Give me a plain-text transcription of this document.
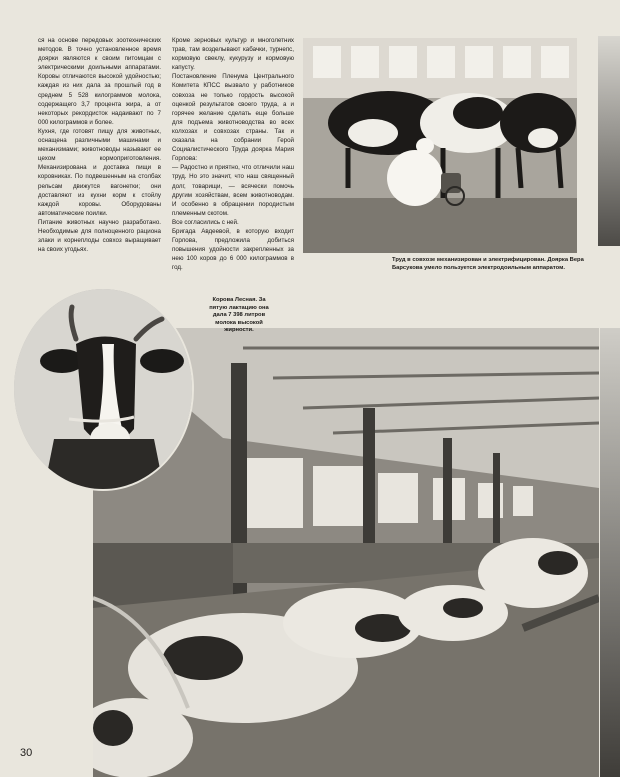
ся на основе передовых зоотехнических методов. В точно установленное время доярки являются к своим питомцам с электрическими доильными аппаратами. Коровы отличаются высокой удойностью; каждая из них дала за прошлый год в среднем 5 528 килограммов молока, содержащего 3,7 процента жира, а от некоторых рекордисток надаивают по 7 000 килограммов и более.
Кухня, где готовят пищу для животных, оснащена различными машинами и механизмами; животноводы называют ее цехом кормоприготовления. Механизирована и доставка пищи в коровниках. По подвешенным на столбах рельсам движутся вагонетки; они доставляют из кухни корм к стойлу каждой коровы. Оборудованы автоматические поилки.
Питание животных научно разработано. Необходимые для полноценного рациона злаки и корнеплоды совхоз выращивает на своих угодьях.
Кроме зерновых культур и многолетних трав, там возделывают кабачки, турнепс, кормовую свеклу, кукурузу и кормовую капусту.
Постановление Пленума Центрального Комитета КПСС вызвало у работников совхоза не только гордость высокой оценкой результатов своего труда, а и горячее желание сделать еще больше для подъема животноводства во всех колхозах и совхозах страны. Так и сказала на собрании Герой Социалистического Труда доярка Мария Горлова:
— Радостно и приятно, что отличили наш труд. Но это значит, что наш священный долг, товарищи, — всячески помочь другим хозяйствам, всем животноводам. И особенно в обращении породистым племенным скотом.
Все согласились с ней.
Бригада Авдеевой, в которую входит Горлова, предложила добиться повышения удойности закрепленных за нею 100 коров до 6 000 килограммов в год.
Труд в совхозе механизирован и электрифицирован. Доярка Вера Барсукова умело пользуется электродоильным аппаратом.
Корова Лесная. За пятую лактацию она дала 7 398 литров молока высокой жирности.
30
